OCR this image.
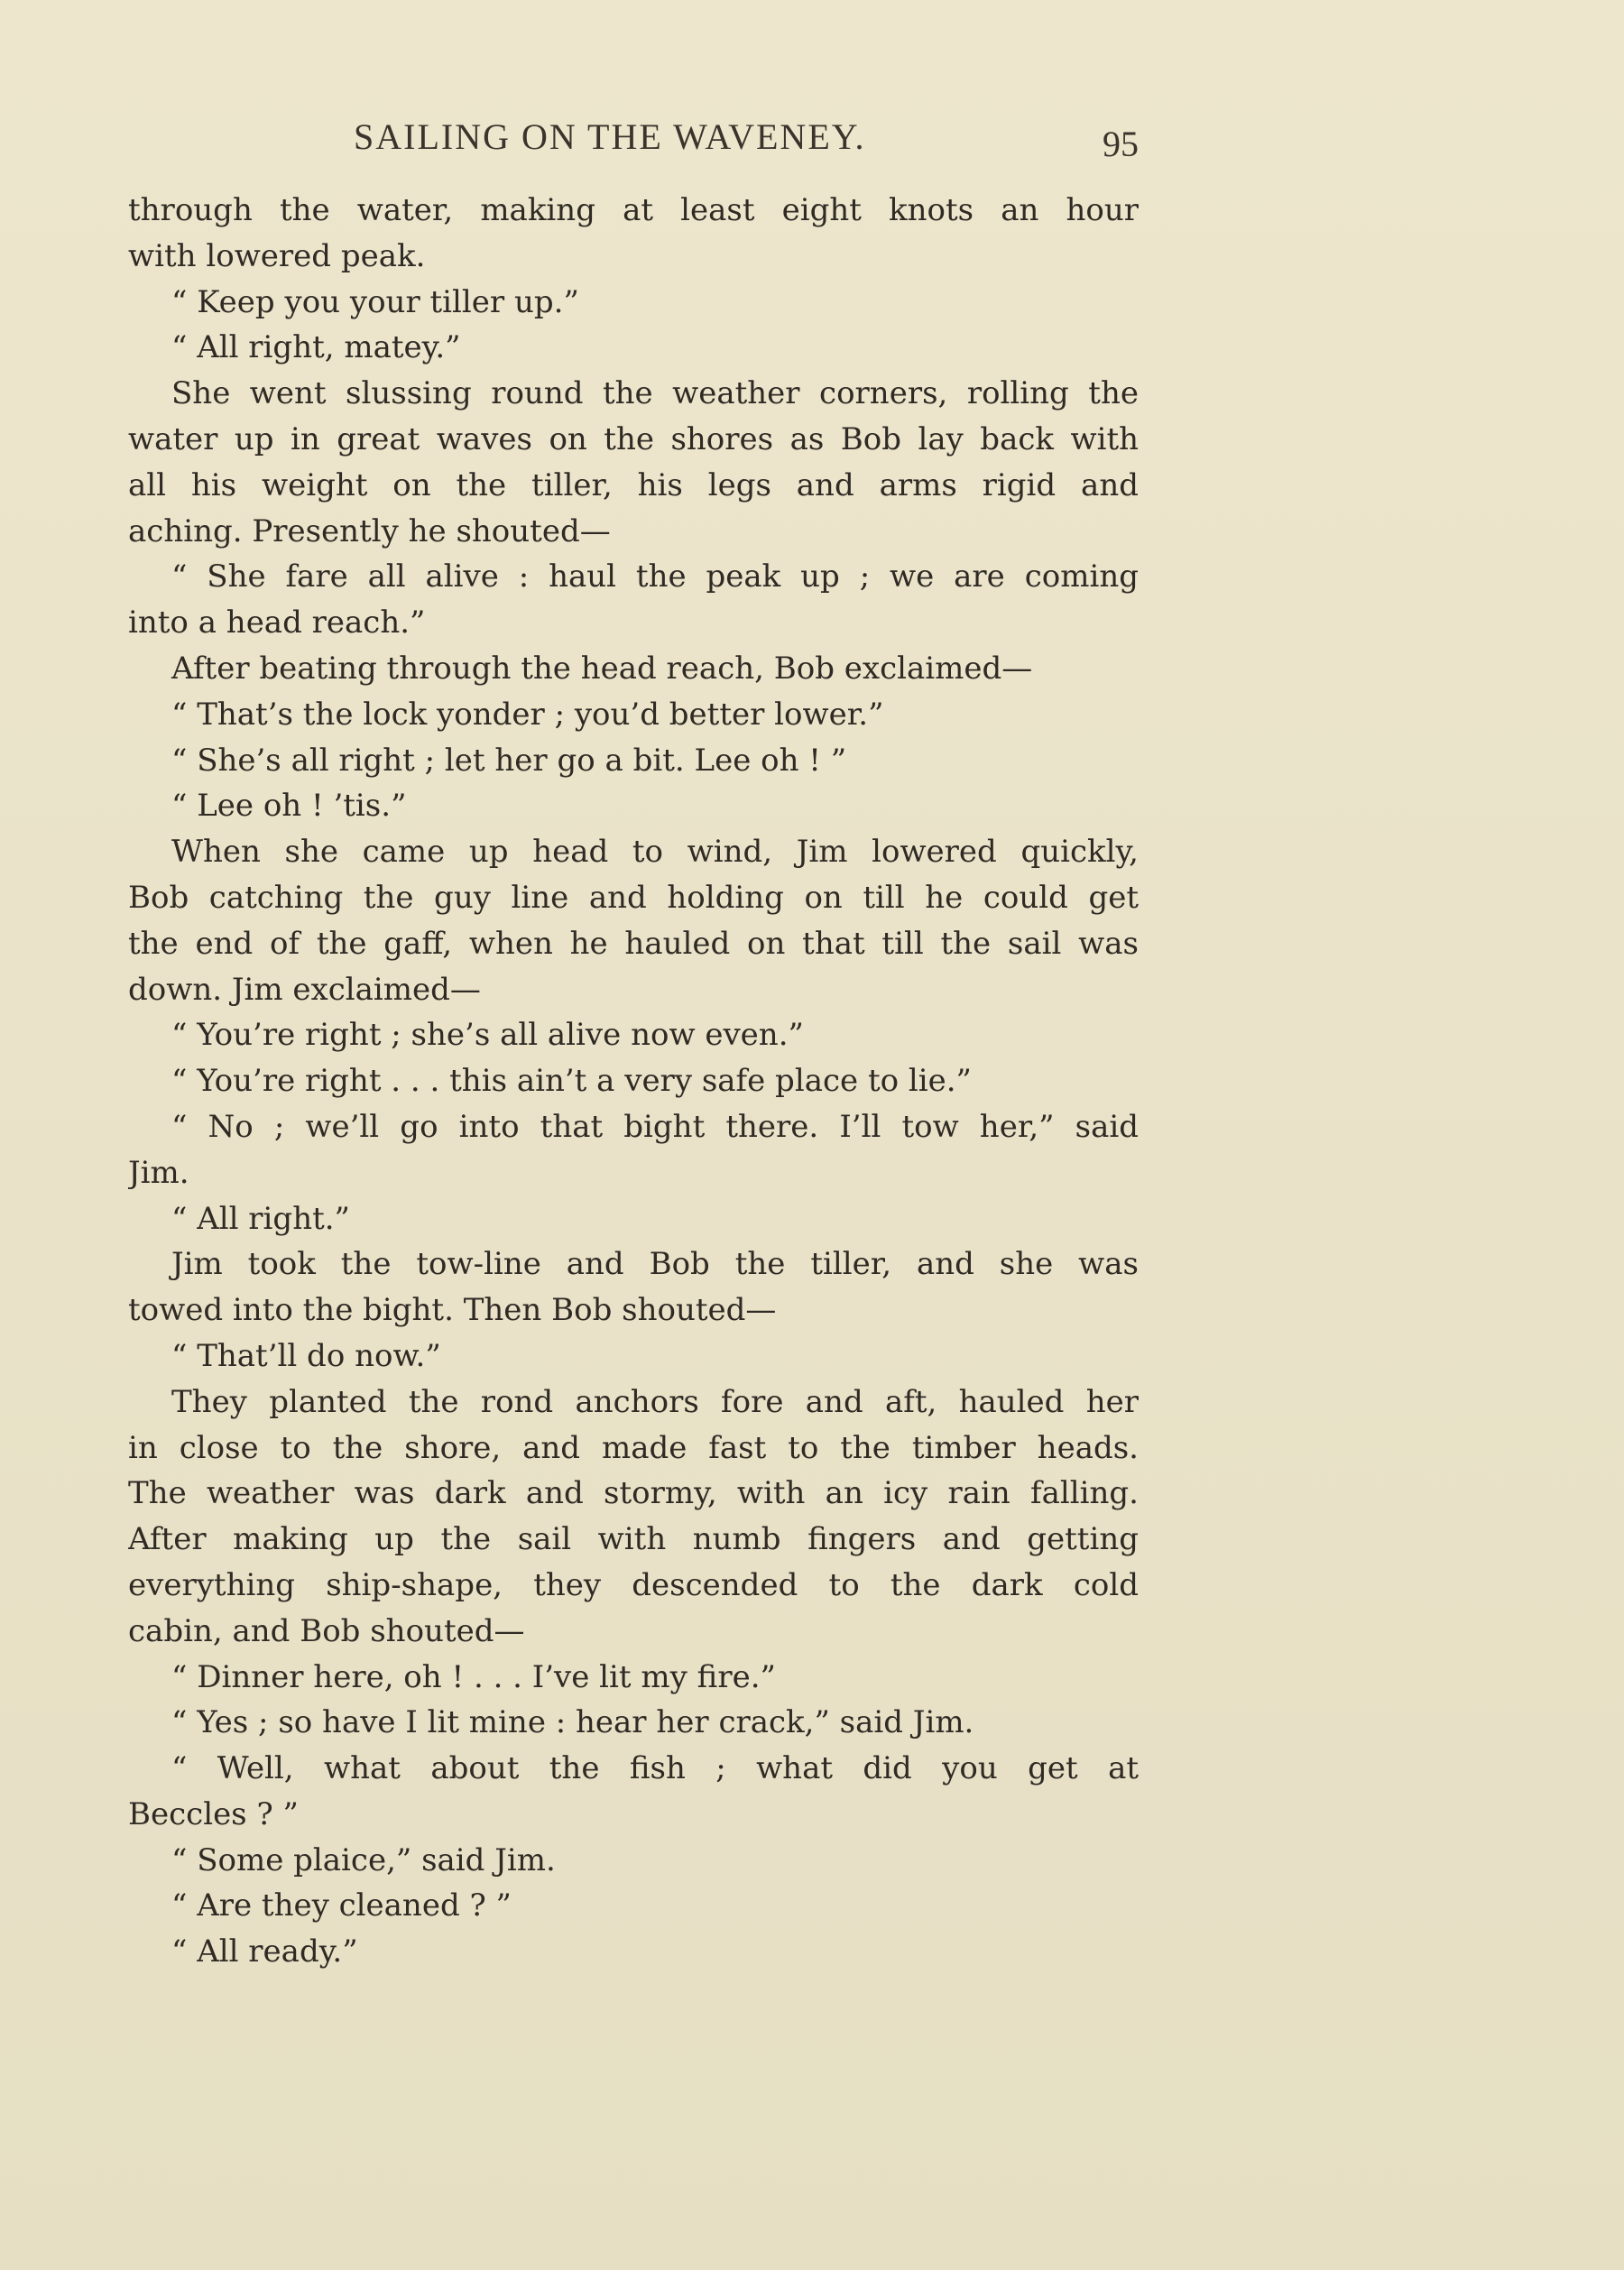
SAILING ON THE WAVENEY.	95
through the water, making at least eight knots an hour
with lowered peak.
“ Keep you your tiller up.”
“ All right, matey.”
She went slussing round the weather corners, rolling the
water up in great waves on the shores as Bob lay back with
all his weight on the tiller, his legs and arms rigid and
aching. Presently he shouted—
“ She fare all alive : haul the peak up ; we are coming
into a head reach.”
After beating through the head reach, Bob exclaimed—
“ That’s the lock yonder ; you’d better lower.”
“ She’s all right ; let her go a bit. Lee oh ! ”
“ Lee oh ! ’tis.”
When she came up head to wind, Jim lowered quickly,
Bob catching the guy line and holding on till he could get
the end of the gaff, when he hauled on that till the sail was
down. Jim exclaimed—
“ You’re right ; she’s all alive now even.”
“ You’re right . . . this ain’t a very safe place to lie.”
“ No ; we’ll go into that bight there. I’ll tow her,” said
Jim.
“ All right.”
Jim took the tow-line and Bob the tiller, and she was
towed into the bight. Then Bob shouted—
“ That’ll do now.”
They planted the rond anchors fore and aft, hauled her
in close to the shore, and made fast to the timber heads.
The weather was dark and stormy, with an icy rain falling.
After making up the sail with numb fingers and getting
everything ship-shape, they descended to the dark cold
cabin, and Bob shouted—
“ Dinner here, oh ! . . . I’ve lit my fire.”
“ Yes ; so have I lit mine : hear her crack,” said Jim.
“ Well, what about the fish ; what did you get at
Beccles ? ”
“ Some plaice,” said Jim.
“ Are they cleaned ? ”
“ All ready.”
